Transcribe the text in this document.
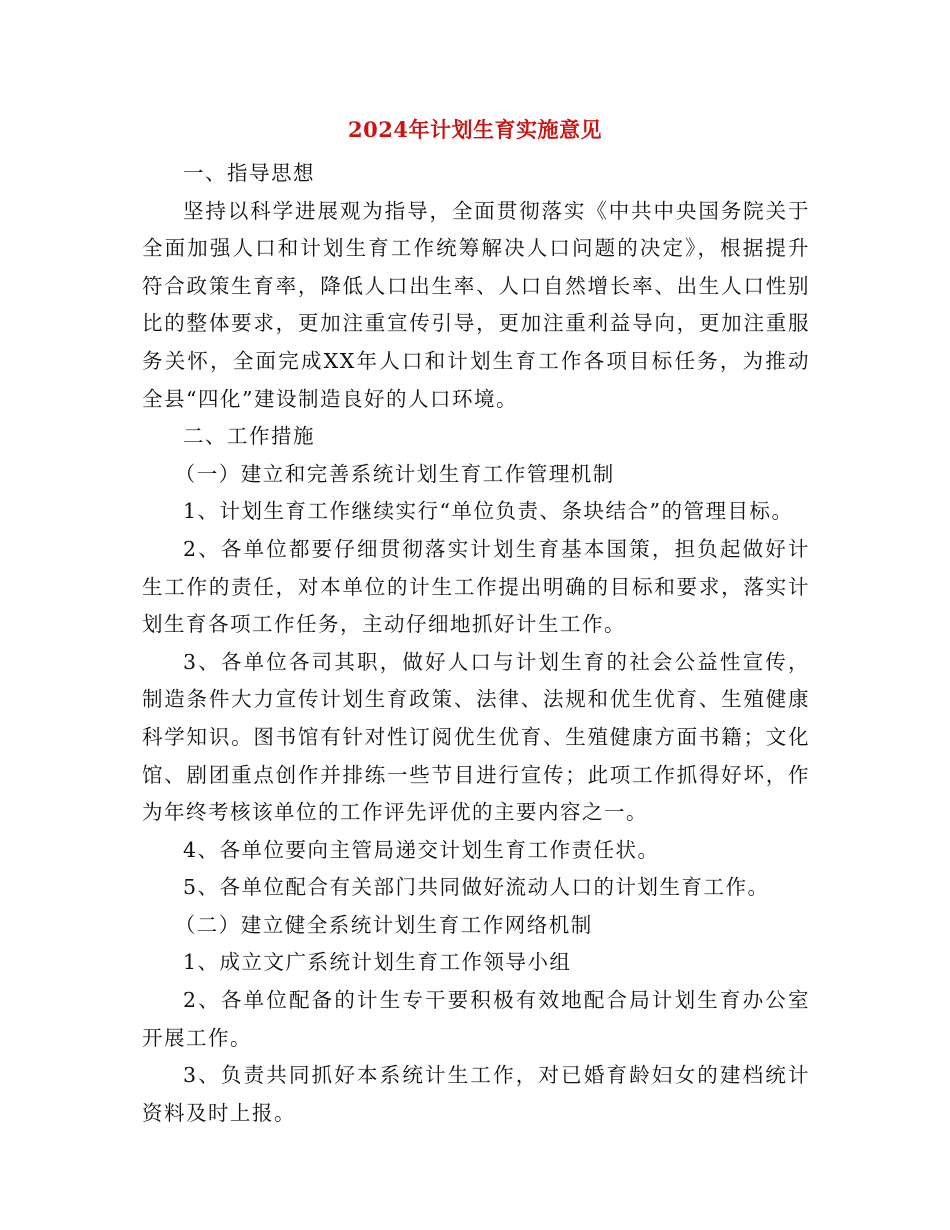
2024年计划生育实施意见

一、指导思想

坚持以科学进展观为指导，全面贯彻落实《中共中央国务院关于全面加强人口和计划生育工作统筹解决人口问题的决定》，根据提升符合政策生育率，降低人口出生率、人口自然增长率、出生人口性别比的整体要求，更加注重宣传引导，更加注重利益导向，更加注重服务关怀，全面完成XX年人口和计划生育工作各项目标任务，为推动全县“四化”建设制造良好的人口环境。

二、工作措施

（一）建立和完善系统计划生育工作管理机制

1、计划生育工作继续实行“单位负责、条块结合”的管理目标。

2、各单位都要仔细贯彻落实计划生育基本国策，担负起做好计生工作的责任，对本单位的计生工作提出明确的目标和要求，落实计划生育各项工作任务，主动仔细地抓好计生工作。

3、各单位各司其职，做好人口与计划生育的社会公益性宣传，制造条件大力宣传计划生育政策、法律、法规和优生优育、生殖健康科学知识。图书馆有针对性订阅优生优育、生殖健康方面书籍；文化馆、剧团重点创作并排练一些节目进行宣传；此项工作抓得好坏，作为年终考核该单位的工作评先评优的主要内容之一。

4、各单位要向主管局递交计划生育工作责任状。

5、各单位配合有关部门共同做好流动人口的计划生育工作。

（二）建立健全系统计划生育工作网络机制

1、成立文广系统计划生育工作领导小组

2、各单位配备的计生专干要积极有效地配合局计划生育办公室开展工作。

3、负责共同抓好本系统计生工作，对已婚育龄妇女的建档统计资料及时上报。
